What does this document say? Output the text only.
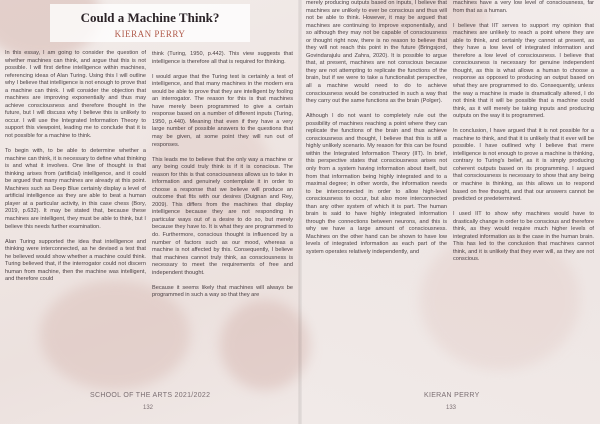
Could a Machine Think?
KIERAN PERRY

In this essay, I am going to consider the question of whether machines can think, and argue that this is not possible. I will first define intelligence within machines, referencing ideas of Alan Turing. Using this I will outline why I believe that intelligence is not enough to prove that a machine can think. I will consider the objection that machines are improving exponentially and thus may achieve consciousness and therefore thought in the future, but I will discuss why I believe this is unlikely to occur. I will use the Integrated Information Theory to support this viewpoint, leading me to conclude that it is not possible for a machine to think.

To begin with, to be able to determine whether a machine can think, it is necessary to define what thinking is and what it involves. One line of thought is that thinking arises from (artificial) intelligence, and it could be argued that many machines are already at this point. Machines such as Deep Blue certainly display a level of artificial intelligence as they are able to beat a human player at a particular activity, in this case chess (Bory, 2019, p.632). It may be stated that, because these machines are intelligent, they must be able to think, but I believe this needs further examination.

Alan Turing supported the idea that intelligence and thinking were interconnected, as he devised a test that he believed would show whether a machine could think. Turing believed that, if the interrogator could not discern human from machine, then the machine was intelligent, and therefore could

think (Turing, 1950, p.442). This view suggests that intelligence is therefore all that is required for thinking.

I would argue that the Turing test is certainly a test of intelligence, and that many machines in the modern era would be able to prove that they are intelligent by fooling an interrogator. The reason for this is that machines have merely been programmed to give a certain response based on a number of different inputs (Turing, 1950, p.440). Meaning that even if they have a very large number of possible answers to the questions that may be given, at some point they will run out of responses.

This leads me to believe that the only way a machine or any being could truly think is if it is conscious. The reason for this is that consciousness allows us to take in information and genuinely contemplate it in order to choose a response that we believe will produce an outcome that fits with our desires (Duignan and Rey, 2009). This differs from the machines that display intelligence because they are not responding in particular ways out of a desire to do so, but merely because they have to. It is what they are programmed to do. Furthermore, conscious thought is influenced by a number of factors such as our mood, whereas a machine is not affected by this. Consequently, I believe that machines cannot truly think, as consciousness is necessary to meet the requirements of free and independent thought.

Because it seems likely that machines will always be programmed in such a way so that they are

merely producing outputs based on inputs, I believe that machines are unlikely to ever be conscious and thus will not be able to think. However, it may be argued that machines are continuing to improve exponentially, and so although they may not be capable of consciousness or thought right now, there is no reason to believe that they will not reach this point in the future (Bringsjord, Govindarajulu and Zahra, 2020). It is possible to argue that, at present, machines are not conscious because they are not attempting to replicate the functions of the brain, but if we were to take a functionalist perspective, all a machine would need to do to achieve consciousness would be constructed in such a way that they carry out the same functions as the brain (Polger).

Although I do not want to completely rule out the possibility of machines reaching a point where they can replicate the functions of the brain and thus achieve consciousness and thought, I believe that this is still a highly unlikely scenario. My reason for this can be found within the Integrated Information Theory (IIT). In brief, this perspective states that consciousness arises not only from a system having information about itself, but from that information being highly integrated and to a maximal degree; in other words, the information needs to be interconnected in order to allow high-level consciousness to occur, but also more interconnected than any other system of which it is part. The human brain is said to have highly integrated information through the connections between neurons, and this is why we have a large amount of consciousness. Machines on the other hand can be shown to have low levels of integrated information as each part of the system operates relatively independently, and

machines have a very low level of consciousness, far from that as a human.

I believe that IIT serves to support my opinion that machines are unlikely to reach a point where they are able to think, and certainly they cannot at present, as they have a low level of integrated information and therefore a low level of consciousness. I believe that consciousness is necessary for genuine independent thought, as this is what allows a human to choose a response as opposed to producing an output based on what they are programmed to do. Consequently, unless the way a machine is made is dramatically altered, I do not think that it will be possible that a machine could think, as it will merely be taking inputs and producing outputs on the way it is programmed.

In conclusion, I have argued that it is not possible for a machine to think, and that it is unlikely that it ever will be possible. I have outlined why I believe that mere intelligence is not enough to prove a machine is thinking, contrary to Turing's belief, as it is simply producing coherent outputs based on its programming. I argued that consciousness is necessary to show that any being or machine is thinking, as this allows us to respond based on free thought, and that our answers cannot be predicted or predetermined.

I used IIT to show why machines would have to drastically change in order to be conscious and therefore think, as they would require much higher levels of integrated information as is the case in the human brain. This has led to the conclusion that machines cannot think, and it is unlikely that they ever will, as they are not conscious.

SCHOOL OF THE ARTS 2021/2022	KIERAN PERRY
132	133
